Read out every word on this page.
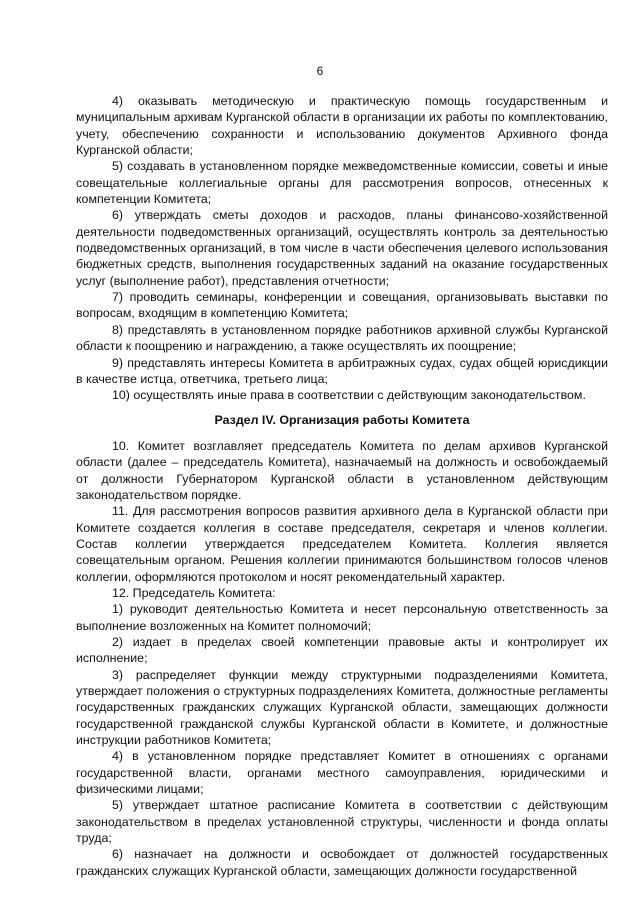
6

4) оказывать методическую и практическую помощь государственным и муниципальным архивам Курганской области в организации их работы по комплектованию, учету, обеспечению сохранности и использованию документов Архивного фонда Курганской области;

5) создавать в установленном порядке межведомственные комиссии, советы и иные совещательные коллегиальные органы для рассмотрения вопросов, отнесенных к компетенции Комитета;

6) утверждать сметы доходов и расходов, планы финансово-хозяйственной деятельности подведомственных организаций, осуществлять контроль за деятельностью подведомственных организаций, в том числе в части обеспечения целевого использования бюджетных средств, выполнения государственных заданий на оказание государственных услуг (выполнение работ), представления отчетности;

7) проводить семинары, конференции и совещания, организовывать выставки по вопросам, входящим в компетенцию Комитета;

8) представлять в установленном порядке работников архивной службы Курганской области к поощрению и награждению, а также осуществлять их поощрение;

9) представлять интересы Комитета в арбитражных судах, судах общей юрисдикции в качестве истца, ответчика, третьего лица;

10) осуществлять иные права в соответствии с действующим законодательством.

Раздел IV. Организация работы Комитета

10. Комитет возглавляет председатель Комитета по делам архивов Курганской области (далее – председатель Комитета), назначаемый на должность и освобождаемый от должности Губернатором Курганской области в установленном действующим законодательством порядке.

11. Для рассмотрения вопросов развития архивного дела в Курганской области при Комитете создается коллегия в составе председателя, секретаря и членов коллегии. Состав коллегии утверждается председателем Комитета. Коллегия является совещательным органом. Решения коллегии принимаются большинством голосов членов коллегии, оформляются протоколом и носят рекомендательный характер.

12. Председатель Комитета:

1) руководит деятельностью Комитета и несет персональную ответственность за выполнение возложенных на Комитет полномочий;

2) издает в пределах своей компетенции правовые акты и контролирует их исполнение;

3) распределяет функции между структурными подразделениями Комитета, утверждает положения о структурных подразделениях Комитета, должностные регламенты государственных гражданских служащих Курганской области, замещающих должности государственной гражданской службы Курганской области в Комитете, и должностные инструкции работников Комитета;

4) в установленном порядке представляет Комитет в отношениях с органами государственной власти, органами местного самоуправления, юридическими и физическими лицами;

5) утверждает штатное расписание Комитета в соответствии с действующим законодательством в пределах установленной структуры, численности и фонда оплаты труда;

6) назначает на должности и освобождает от должностей государственных гражданских служащих Курганской области, замещающих должности государственной
